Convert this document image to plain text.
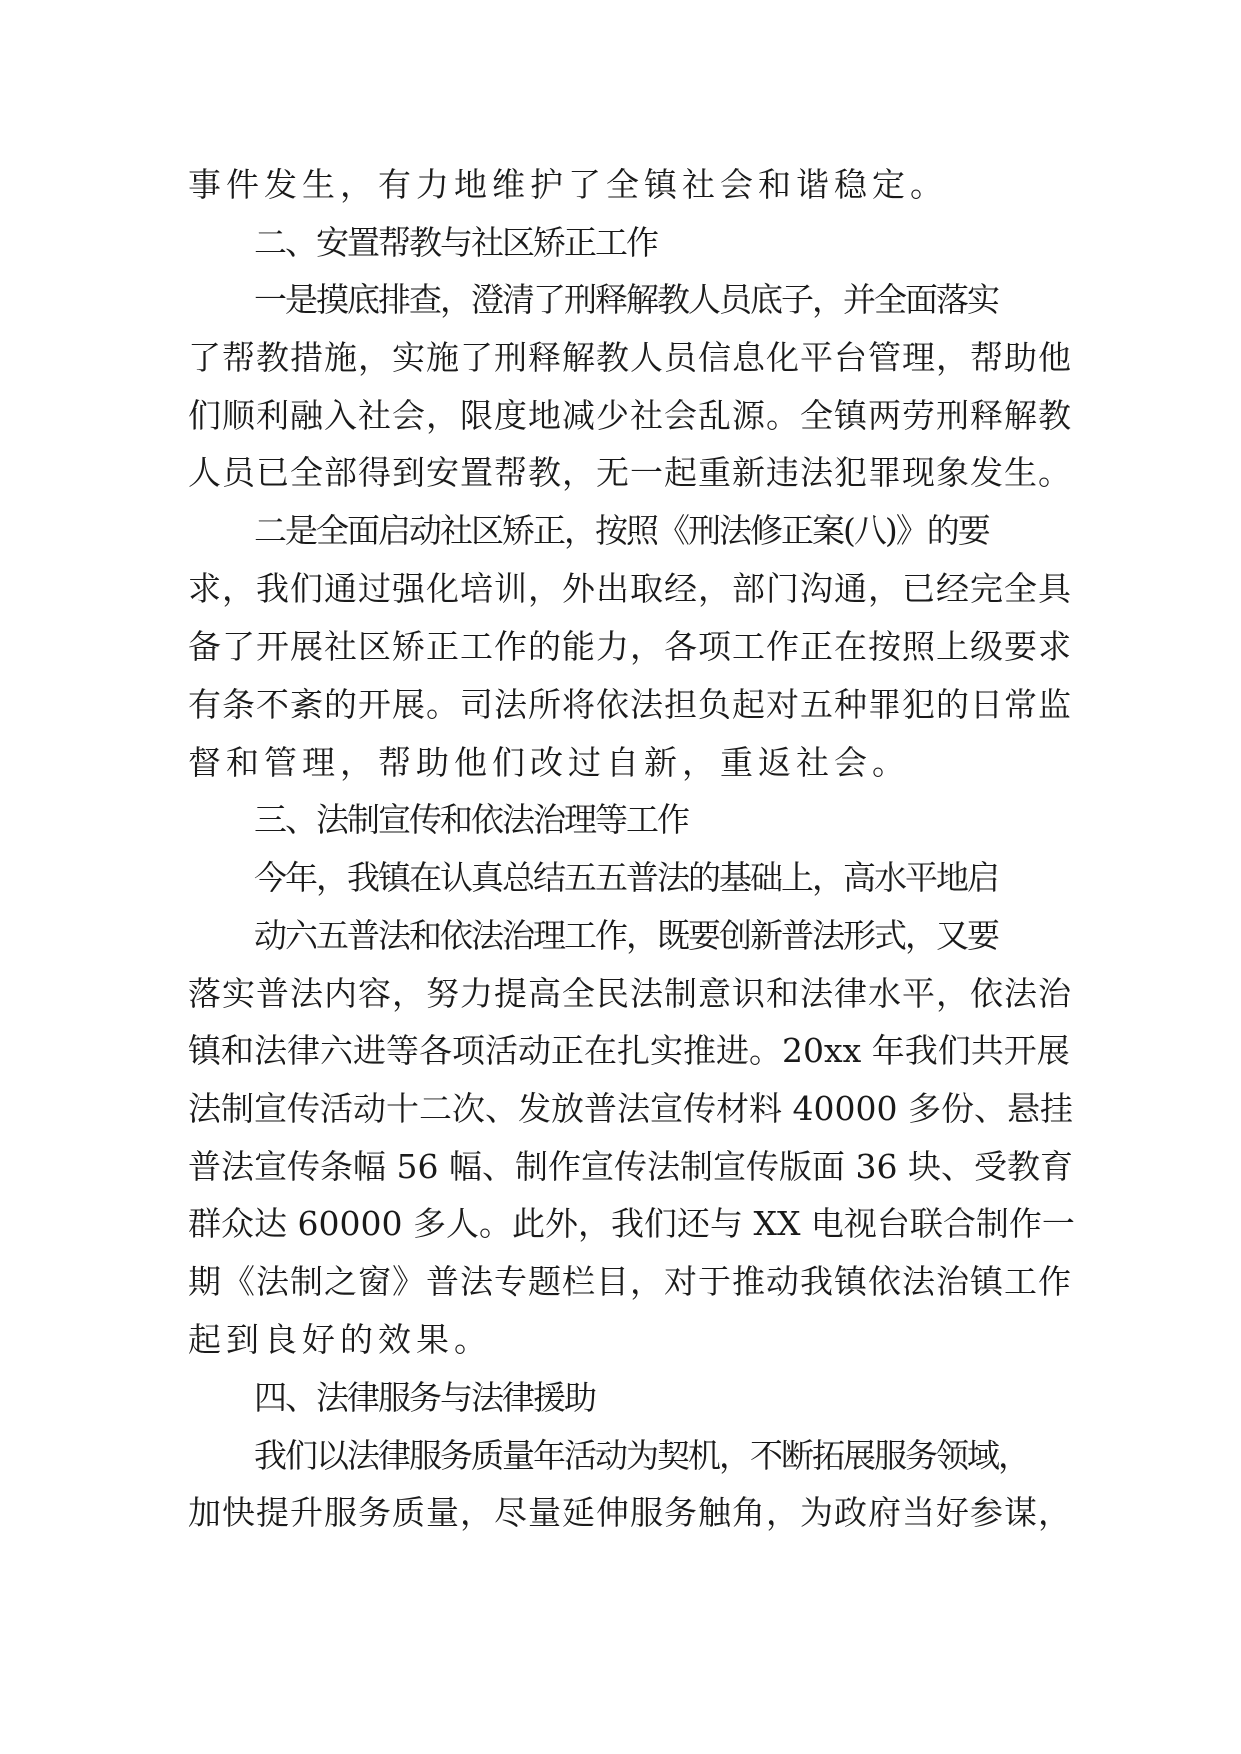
事件发生，有力地维护了全镇社会和谐稳定。
二、安置帮教与社区矫正工作
一是摸底排查，澄清了刑释解教人员底子，并全面落实
了帮教措施，实施了刑释解教人员信息化平台管理，帮助他
们顺利融入社会，限度地减少社会乱源。全镇两劳刑释解教
人员已全部得到安置帮教，无一起重新违法犯罪现象发生。
二是全面启动社区矫正，按照《刑法修正案(八)》的要
求，我们通过强化培训，外出取经，部门沟通，已经完全具
备了开展社区矫正工作的能力，各项工作正在按照上级要求
有条不紊的开展。司法所将依法担负起对五种罪犯的日常监
督和管理，帮助他们改过自新，重返社会。
三、法制宣传和依法治理等工作
今年，我镇在认真总结五五普法的基础上，高水平地启
动六五普法和依法治理工作，既要创新普法形式，又要
落实普法内容，努力提高全民法制意识和法律水平，依法治
镇和法律六进等各项活动正在扎实推进。20xx 年我们共开展
法制宣传活动十二次、发放普法宣传材料 40000 多份、悬挂
普法宣传条幅 56 幅、制作宣传法制宣传版面 36 块、受教育
群众达 60000 多人。此外，我们还与 XX 电视台联合制作一
期《法制之窗》普法专题栏目，对于推动我镇依法治镇工作
起到良好的效果。
四、法律服务与法律援助
我们以法律服务质量年活动为契机，不断拓展服务领域，
加快提升服务质量，尽量延伸服务触角，为政府当好参谋，
